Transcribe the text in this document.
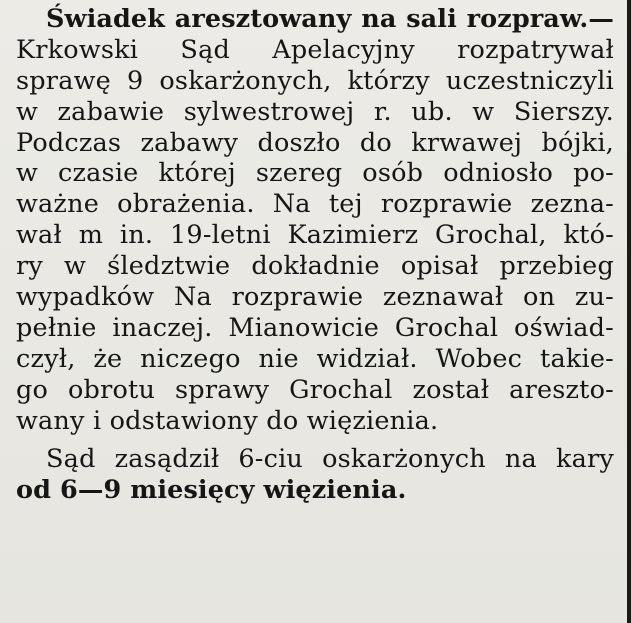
Świadek aresztowany na sali rozpraw.—
Krkowski Sąd Apelacyjny rozpatrywał
sprawę 9 oskarżonych, którzy uczestniczyli
w zabawie sylwestrowej r. ub. w Sierszy.
Podczas zabawy doszło do krwawej bójki,
w czasie której szereg osób odniosło po-
ważne obrażenia. Na tej rozprawie zezna-
wał m in. 19-letni Kazimierz Grochal, któ-
ry w śledztwie dokładnie opisał przebieg
wypadków Na rozprawie zeznawał on zu-
pełnie inaczej. Mianowicie Grochal oświad-
czył, że niczego nie widział. Wobec takie-
go obrotu sprawy Grochal został areszto-
wany i odstawiony do więzienia.
Sąd zasądził 6-ciu oskarżonych na kary
od 6—9 miesięcy więzienia.
